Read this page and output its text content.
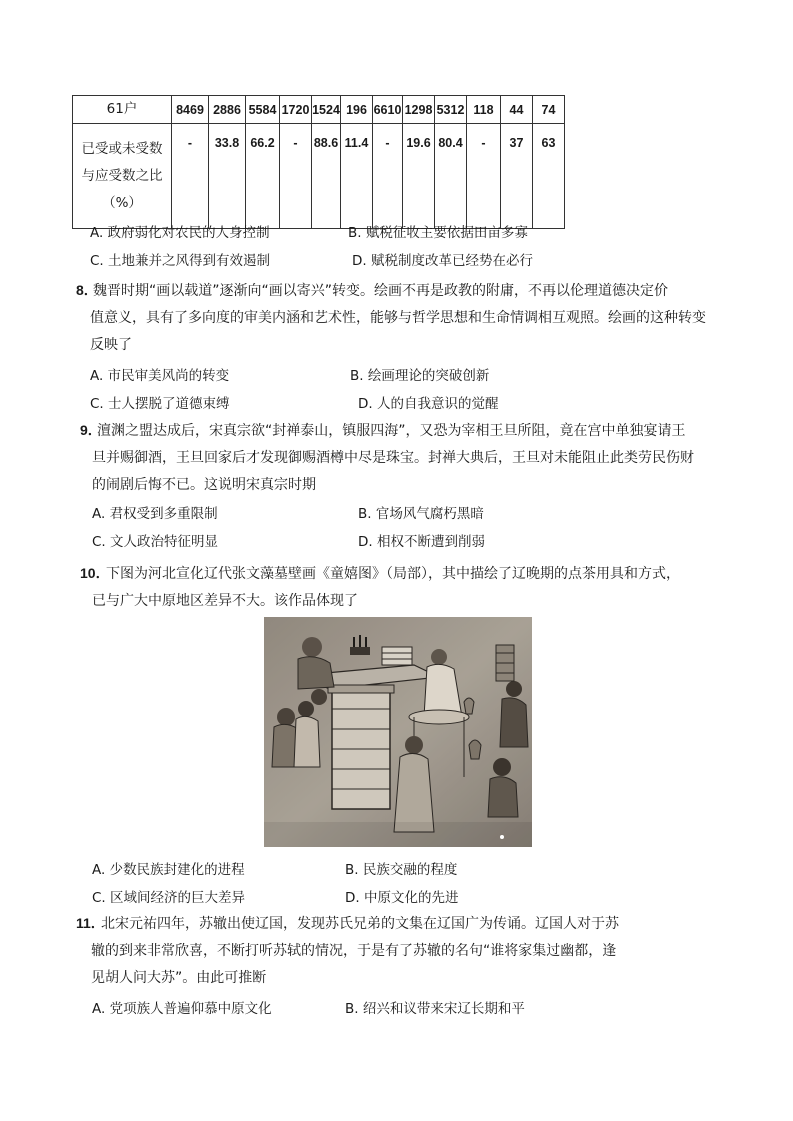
61户	8469	2886	5584	1720	1524	196	6610	1298	5312	118	44	74

已受或未受数
与应受数之比
（%）	-	33.8	66.2	-	88.6	11.4	-	19.6	80.4	-	37	63
A. 政府弱化对农民的人身控制	B. 赋税征收主要依据田亩多寡
C. 土地兼并之风得到有效遏制	D. 赋税制度改革已经势在必行
8．
魏晋时期“画以载道”逐渐向“画以寄兴”转变。绘画不再是政教的附庸，不再以伦理道德决定价
值意义，具有了多向度的审美内涵和艺术性，能够与哲学思想和生命情调相互观照。绘画的这种转变
反映了
A. 市民审美风尚的转变	B. 绘画理论的突破创新
C. 士人摆脱了道德束缚	D. 人的自我意识的觉醒
9．
澶渊之盟达成后，宋真宗欲“封禅泰山，镇服四海”，又恐为宰相王旦所阻，竟在宫中单独宴请王
旦并赐御酒，王旦回家后才发现御赐酒樽中尽是珠宝。封禅大典后，王旦对未能阻止此类劳民伤财
的闹剧后悔不已。这说明宋真宗时期
A. 君权受到多重限制	B. 官场风气腐朽黑暗
C. 文人政治特征明显	D. 相权不断遭到削弱
10．
下图为河北宣化辽代张文藻墓壁画《童嬉图》（局部），其中描绘了辽晚期的点茶用具和方式，
已与广大中原地区差异不大。该作品体现了
A. 少数民族封建化的进程	B. 民族交融的程度
C. 区域间经济的巨大差异	D. 中原文化的先进
11．
北宋元祐四年，苏辙出使辽国，发现苏氏兄弟的文集在辽国广为传诵。辽国人对于苏
辙的到来非常欣喜，不断打听苏轼的情况，于是有了苏辙的名句“谁将家集过幽都，逢
见胡人问大苏”。由此可推断
A. 党项族人普遍仰慕中原文化	B. 绍兴和议带来宋辽长期和平
